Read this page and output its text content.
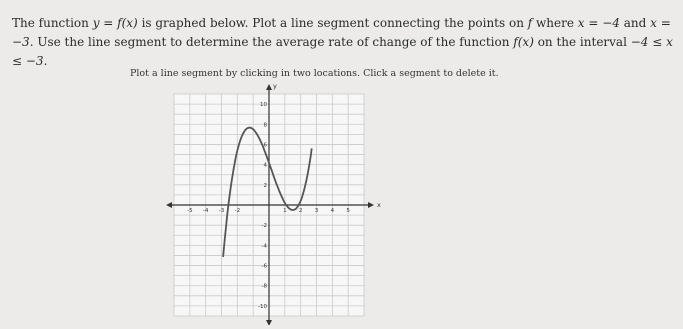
The function y = f(x) is graphed below. Plot a line segment connecting the points on f where x = −4 and x = −3. Use the line segment to determine the average rate of change of the function f(x) on the interval −4 ≤ x ≤ −3.
Plot a line segment by clicking in two locations. Click a segment to delete it.
-5 -4 -3 -2	1 2 3 4 5
10
8
6
4
2
-2
-4
-6
-8
-10
x
y
